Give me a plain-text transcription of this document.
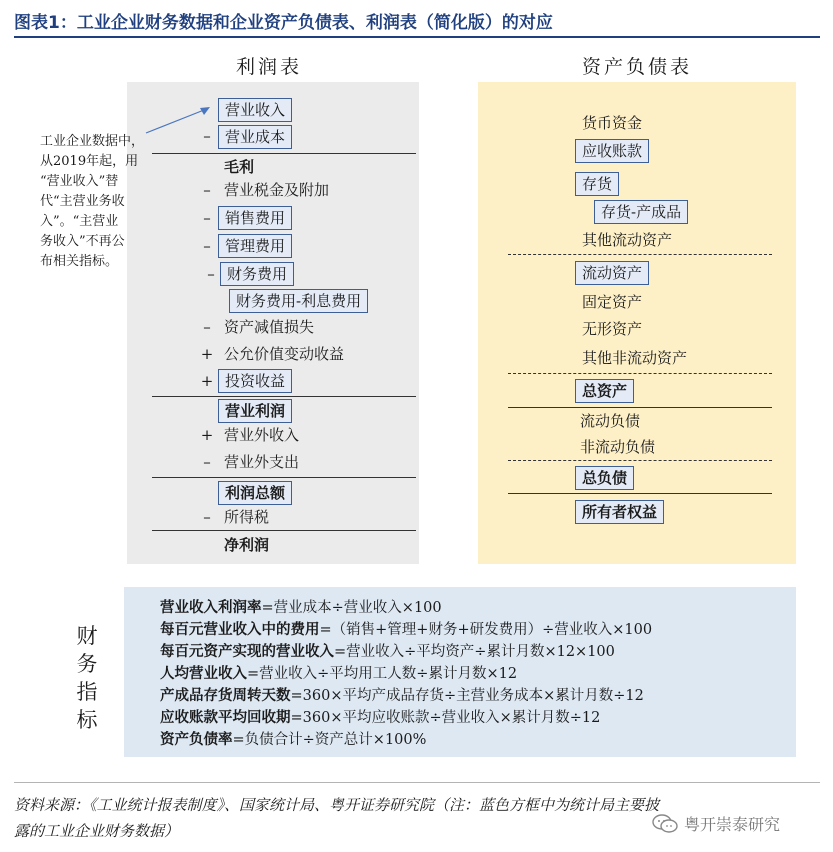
图表1：工业企业财务数据和企业资产负债表、利润表（简化版）的对应
利润表	资产负债表
营业收入
– 营业成本
毛利
– 营业税金及附加
– 销售费用
– 管理费用
– 财务费用
财务费用-利息费用
– 资产减值损失
+ 公允价值变动收益
+ 投资收益
营业利润
+ 营业外收入
– 营业外支出
利润总额
– 所得税
净利润
货币资金
应收账款
存货
存货-产成品
其他流动资产
流动资产
固定资产
无形资产
其他非流动资产
总资产
流动负债
非流动负债
总负债
所有者权益
工业企业数据中，
从2019年起，用
“营业收入”替
代“主营业务收
入”。“主营业
务收入”不再公
布相关指标。
财
务
指
标
营业收入利润率=营业成本÷营业收入×100
每百元营业收入中的费用=（销售+管理+财务+研发费用）÷营业收入×100
每百元资产实现的营业收入=营业收入÷平均资产÷累计月数×12×100
人均营业收入=营业收入÷平均用工人数÷累计月数×12
产成品存货周转天数=360×平均产成品存货÷主营业务成本×累计月数÷12
应收账款平均回收期=360×平均应收账款÷营业收入×累计月数÷12
资产负债率=负债合计÷资产总计×100%
资料来源：《工业统计报表制度》、国家统计局、粤开证券研究院（注：蓝色方框中为统计局主要披
露的工业企业财务数据）	粤开崇泰研究
